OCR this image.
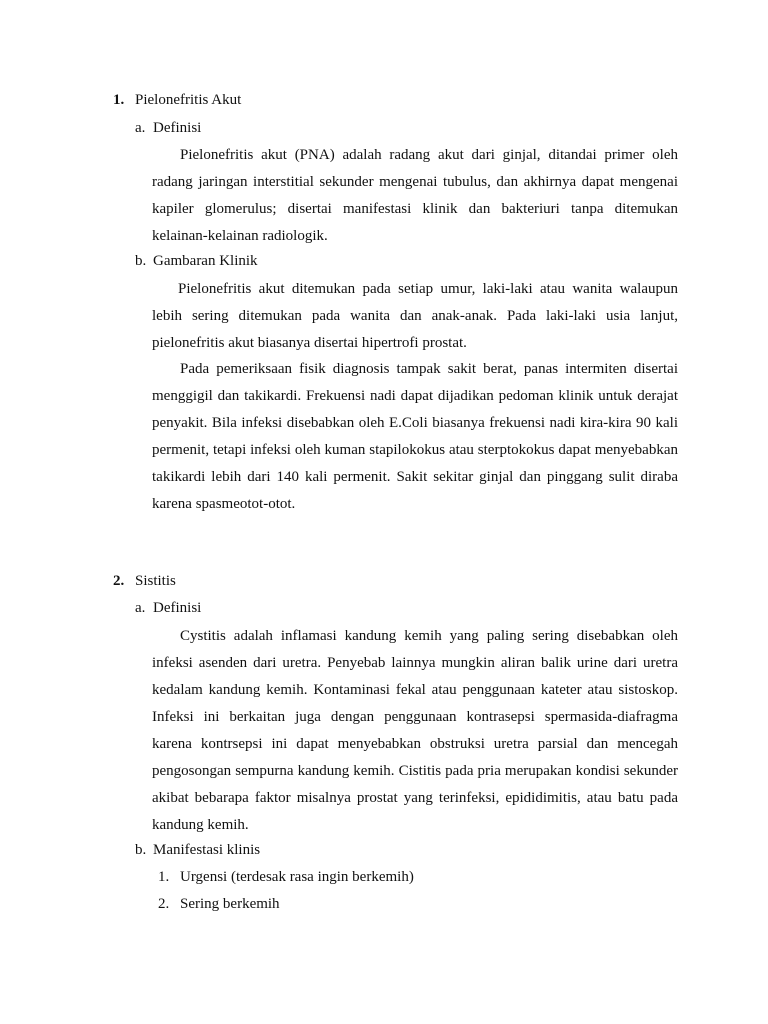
1. Pielonefritis Akut
a. Definisi

Pielonefritis akut (PNA) adalah radang akut dari ginjal, ditandai primer oleh radang jaringan interstitial sekunder mengenai tubulus, dan akhirnya dapat mengenai kapiler glomerulus; disertai manifestasi klinik dan bakteriuri tanpa ditemukan kelainan-kelainan radiologik.

b. Gambaran Klinik

Pielonefritis akut ditemukan pada setiap umur, laki-laki atau wanita walaupun lebih sering ditemukan pada wanita dan anak-anak. Pada laki-laki usia lanjut, pielonefritis akut biasanya disertai hipertrofi prostat.

Pada pemeriksaan fisik diagnosis tampak sakit berat, panas intermiten disertai menggigil dan takikardi. Frekuensi nadi dapat dijadikan pedoman klinik untuk derajat penyakit. Bila infeksi disebabkan oleh E.Coli biasanya frekuensi nadi kira-kira 90 kali permenit, tetapi infeksi oleh kuman stapilokokus atau sterptokokus dapat menyebabkan takikardi lebih dari 140 kali permenit. Sakit sekitar ginjal dan pinggang sulit diraba karena spasmeotot-otot.

2. Sistitis
a. Definisi

Cystitis adalah inflamasi kandung kemih yang paling sering disebabkan oleh infeksi asenden dari uretra. Penyebab lainnya mungkin aliran balik urine dari uretra kedalam kandung kemih. Kontaminasi fekal atau penggunaan kateter atau sistoskop. Infeksi ini berkaitan juga dengan penggunaan kontrasepsi spermasida-diafragma karena kontrsepsi ini dapat menyebabkan obstruksi uretra parsial dan mencegah pengosongan sempurna kandung kemih. Cistitis pada pria merupakan kondisi sekunder akibat bebarapa faktor misalnya prostat yang terinfeksi, epididimitis, atau batu pada kandung kemih.

b. Manifestasi klinis
1. Urgensi (terdesak rasa ingin berkemih)
2. Sering berkemih
